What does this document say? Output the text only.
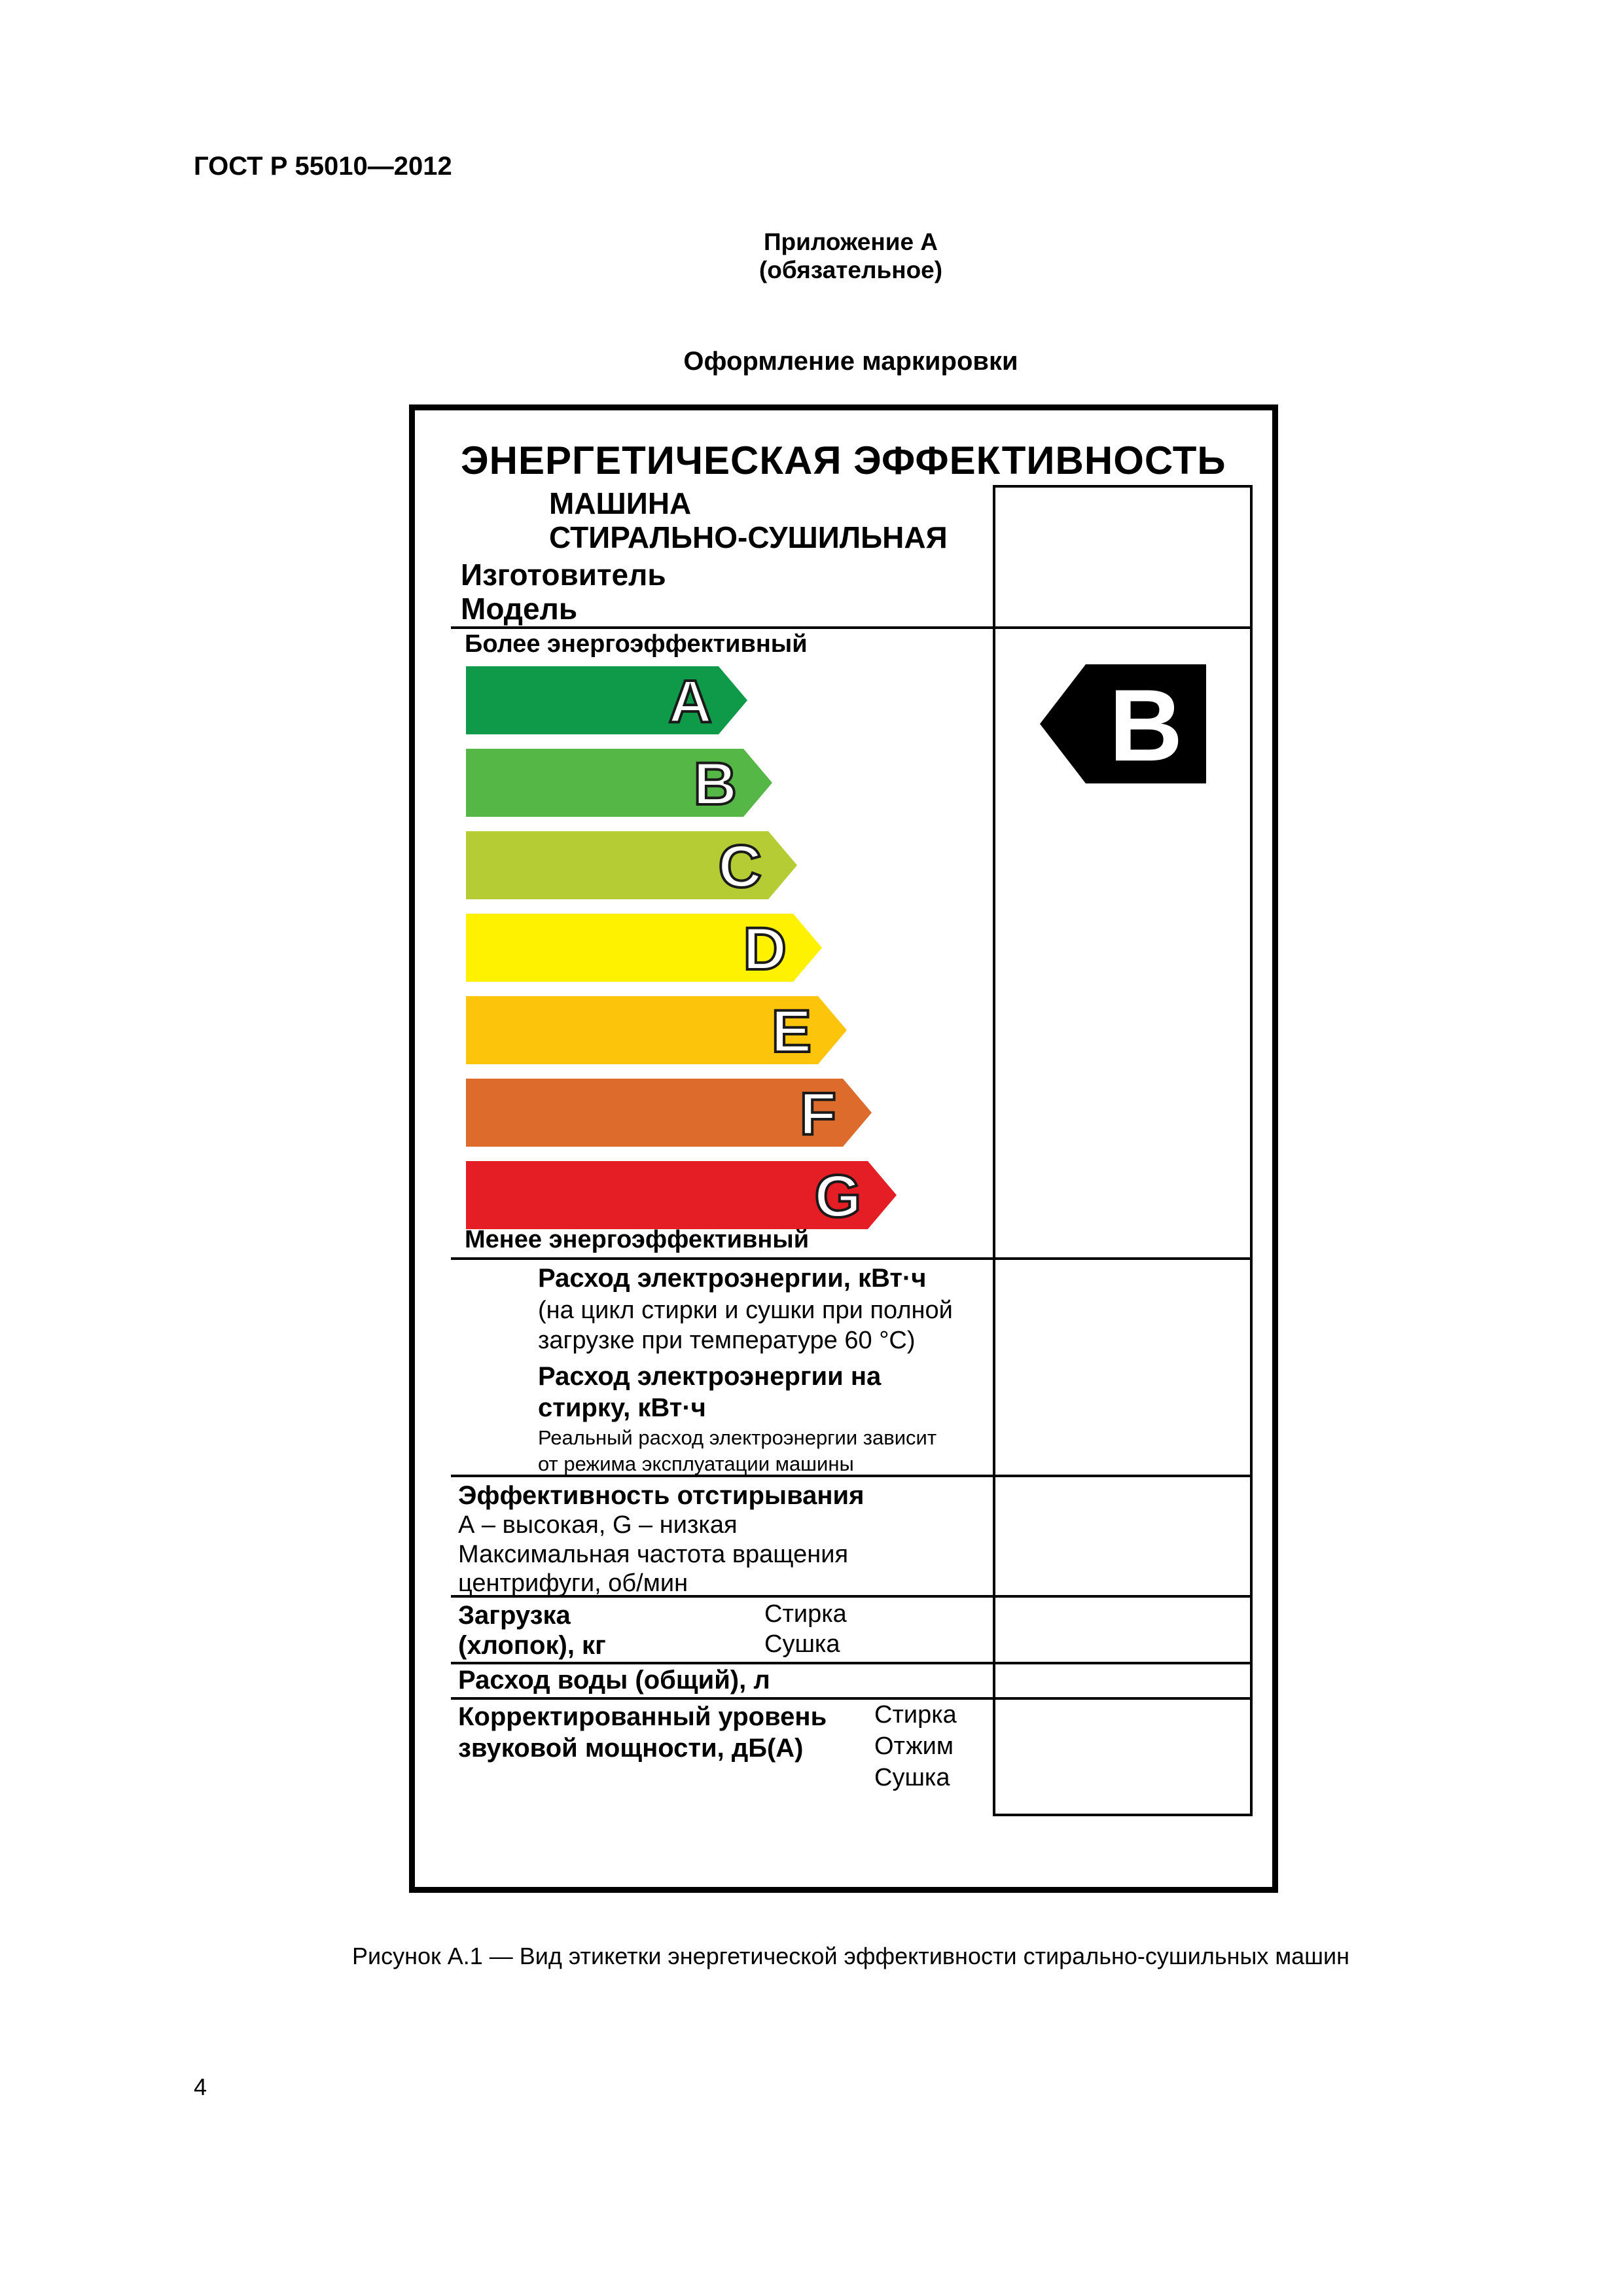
ГОСТ Р 55010—2012
Приложение А
(обязательное)
Оформление маркировки
ЭНЕРГЕТИЧЕСКАЯ ЭФФЕКТИВНОСТЬ
МАШИНА
СТИРАЛЬНО-СУШИЛЬНАЯ
Изготовитель
Модель
Более энергоэффективный
A
B
C
D
E
F
G
B
Менее энергоэффективный
Расход электроэнергии, кВт·ч
(на цикл стирки и сушки при полной
загрузке при температуре 60 °С)
Расход электроэнергии на
стирку, кВт·ч
Реальный расход электроэнергии зависит
от режима эксплуатации машины
Эффективность отстирывания
А – высокая, G – низкая
Максимальная частота вращения
центрифуги, об/мин
Загрузка
(хлопок), кг
Стирка
Сушка
Расход воды (общий), л
Корректированный уровень
звуковой мощности, дБ(А)
Стирка
Отжим
Сушка
Рисунок А.1 — Вид этикетки энергетической эффективности стирально-сушильных машин
4
